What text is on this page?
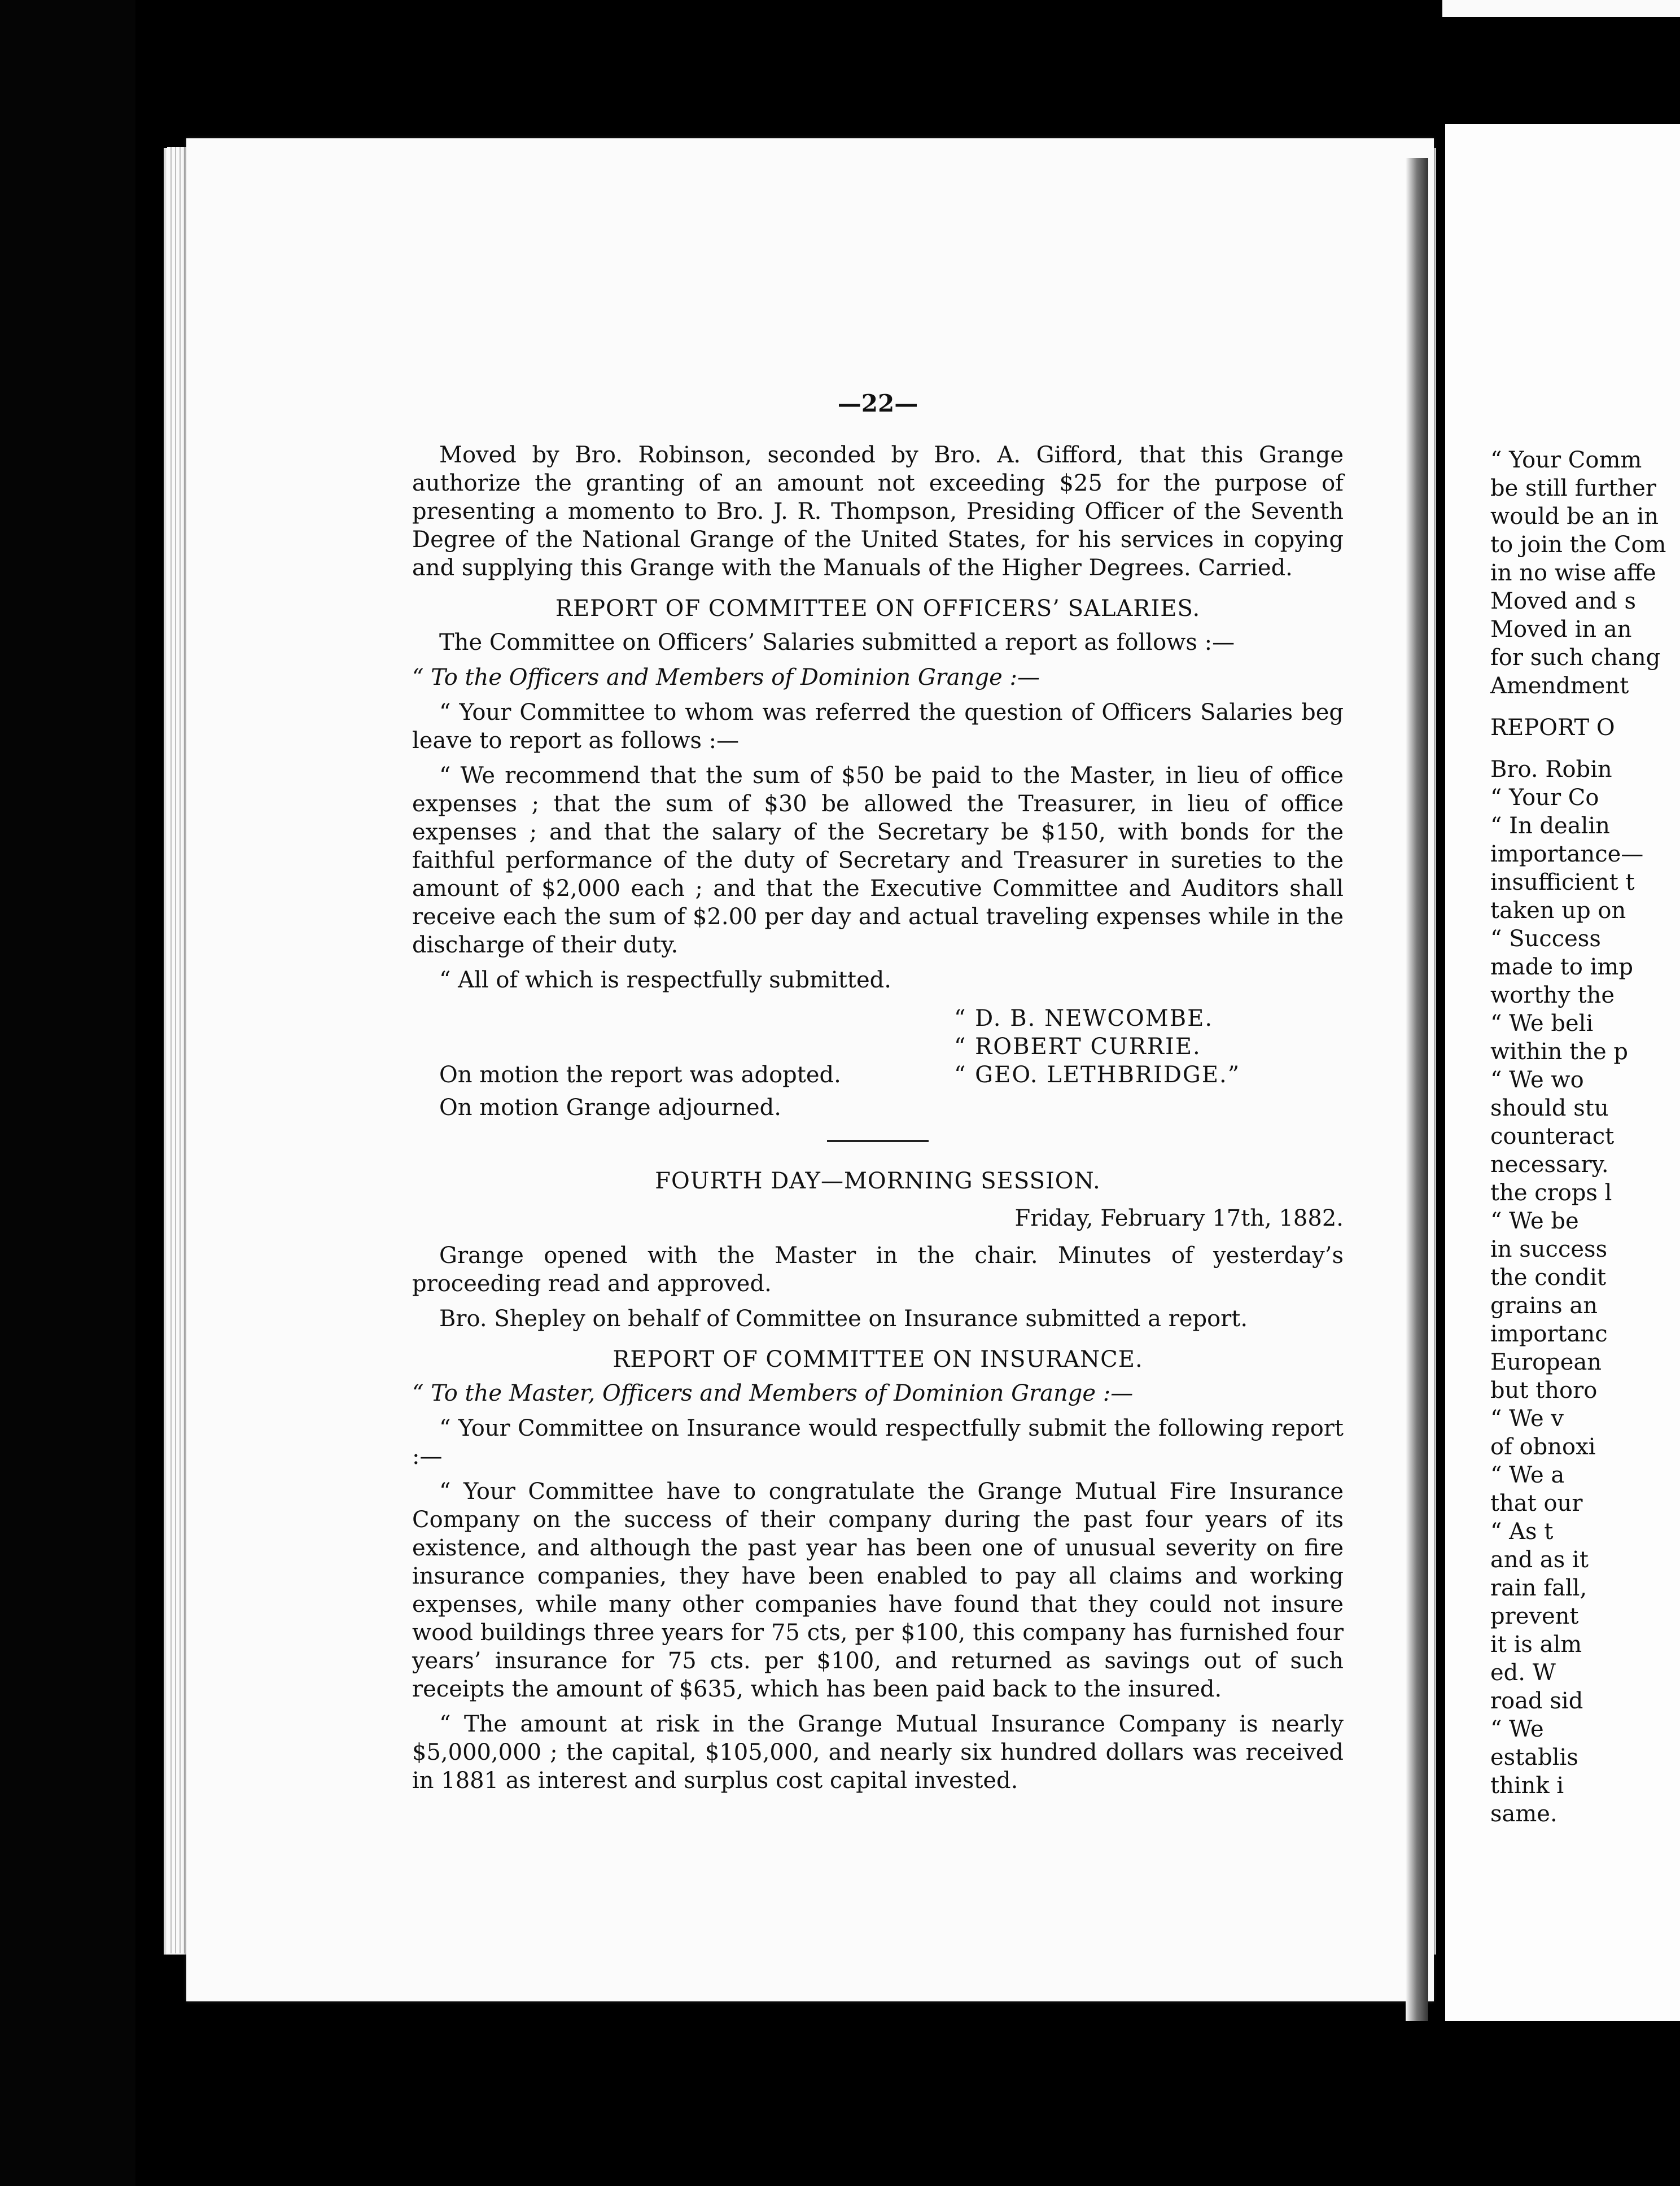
—22—

Moved by Bro. Robinson, seconded by Bro. A. Gifford, that this Grange authorize the granting of an amount not exceeding $25 for the purpose of presenting a momento to Bro. J. R. Thompson, Presiding Officer of the Seventh Degree of the National Grange of the United States, for his services in copying and supplying this Grange with the Manuals of the Higher Degrees. Carried.

REPORT OF COMMITTEE ON OFFICERS’ SALARIES.

The Committee on Officers’ Salaries submitted a report as follows :—

“ To the Officers and Members of Dominion Grange :—

“ Your Committee to whom was referred the question of Officers Salaries beg leave to report as follows :—

“ We recommend that the sum of $50 be paid to the Master, in lieu of office expenses ; that the sum of $30 be allowed the Treasurer, in lieu of office expenses ; and that the salary of the Secretary be $150, with bonds for the faithful performance of the duty of Secretary and Treasurer in sureties to the amount of $2,000 each ; and that the Executive Committee and Auditors shall receive each the sum of $2.00 per day and actual traveling expenses while in the discharge of their duty.

“ All of which is respectfully submitted.

“ D. B. NEWCOMBE.
“ ROBERT CURRIE.
“ GEO. LETHBRIDGE.”
On motion the report was adopted.
On motion Grange adjourned.
FOURTH DAY—MORNING SESSION.
Friday, February 17th, 1882.

Grange opened with the Master in the chair. Minutes of yesterday’s proceeding read and approved.

Bro. Shepley on behalf of Committee on Insurance submitted a report.

REPORT OF COMMITTEE ON INSURANCE.
“ To the Master, Officers and Members of Dominion Grange :—

“ Your Committee on Insurance would respectfully submit the following report :—

“ Your Committee have to congratulate the Grange Mutual Fire Insurance Company on the success of their company during the past four years of its existence, and although the past year has been one of unusual severity on fire insurance companies, they have been enabled to pay all claims and working expenses, while many other companies have found that they could not insure wood buildings three years for 75 cts, per $100, this company has furnished four years’ insurance for 75 cts. per $100, and returned as savings out of such receipts the amount of $635, which has been paid back to the insured.

“ The amount at risk in the Grange Mutual Insurance Company is nearly $5,000,000 ; the capital, $105,000, and nearly six hundred dollars was received in 1881 as interest and surplus cost capital invested.

“ Your Comm
be still further
would be an in
to join the Com
in no wise affe
Moved and s
Moved in an
for such chang
Amendment
REPORT O
Bro. Robin
“ Your Co
“ In dealin
importance—
insufficient t
taken up on
“ Success
made to imp
worthy the
“ We beli
within the p
“ We wo
should stu
counteract
necessary.
the crops l
“ We be
in success
the condit
grains an
importanc
European
but thoro
“ We v
of obnoxi
“ We a
that our
“ As t
and as it
rain fall,
prevent
it is alm
ed. W
road sid
“ We
establis
think i
same.
